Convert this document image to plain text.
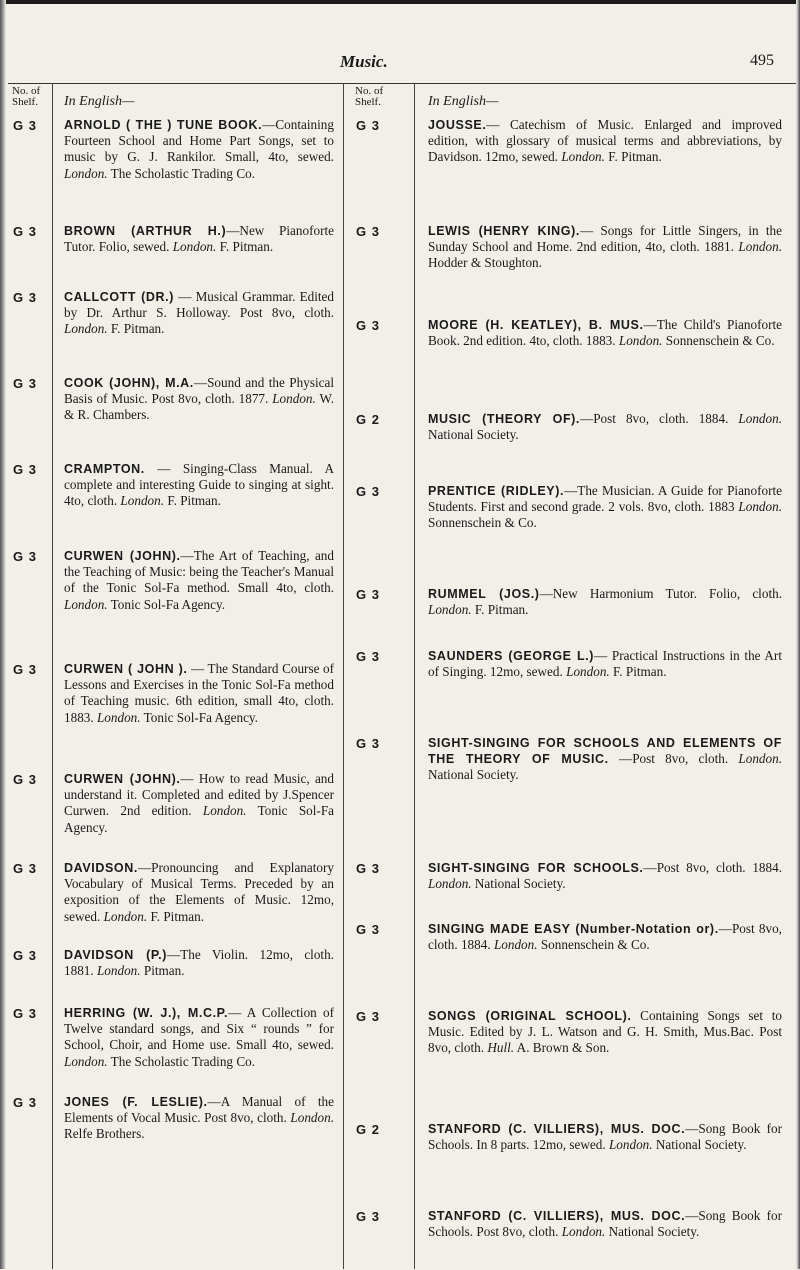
Music.	495
No. of Shelf.
No. of Shelf.
In English—	In English—
G 3 ARNOLD ( THE ) TUNE BOOK.—Containing Fourteen School and Home Part Songs, set to music by G. J. Rankilor. Small, 4to, sewed. London. The Scholastic Trading Co.
G 3 BROWN (ARTHUR H.)—New Pianoforte Tutor. Folio, sewed. London. F. Pitman.
G 3 CALLCOTT (DR.) — Musical Grammar. Edited by Dr. Arthur S. Holloway. Post 8vo, cloth. London. F. Pitman.
G 3 COOK (JOHN), M.A.—Sound and the Physical Basis of Music. Post 8vo, cloth. 1877. London. W. & R. Chambers.
G 3 CRAMPTON. — Singing-Class Manual. A complete and interesting Guide to singing at sight. 4to, cloth. London. F. Pitman.
G 3 CURWEN (JOHN).—The Art of Teaching, and the Teaching of Music: being the Teacher's Manual of the Tonic Sol-Fa method. Small 4to, cloth. London. Tonic Sol-Fa Agency.
G 3 CURWEN ( JOHN ). — The Standard Course of Lessons and Exercises in the Tonic Sol-Fa method of Teaching music. 6th edition, small 4to, cloth. 1883. London. Tonic Sol-Fa Agency.
G 3 CURWEN (JOHN).— How to read Music, and understand it. Completed and edited by J.Spencer Curwen. 2nd edition. London. Tonic Sol-Fa Agency.
G 3 DAVIDSON.—Pronouncing and Explanatory Vocabulary of Musical Terms. Preceded by an exposition of the Elements of Music. 12mo, sewed. London. F. Pitman.
G 3 DAVIDSON (P.)—The Violin. 12mo, cloth. 1881. London. Pitman.
G 3 HERRING (W. J.), M.C.P.— A Collection of Twelve standard songs, and Six “ rounds ” for School, Choir, and Home use. Small 4to, sewed. London. The Scholastic Trading Co.
G 3 JONES (F. LESLIE).—A Manual of the Elements of Vocal Music. Post 8vo, cloth. London. Relfe Brothers.
G 3	JOUSSE.— Catechism of Music. Enlarged and improved edition, with glossary of musical terms and abbreviations, by Davidson. 12mo, sewed. London. F. Pitman.
G 3	LEWIS (HENRY KING).— Songs for Little Singers, in the Sunday School and Home. 2nd edition, 4to, cloth. 1881. London. Hodder & Stoughton.
G 3	MOORE (H. KEATLEY), B. MUS.—The Child's Pianoforte Book. 2nd edition. 4to, cloth. 1883. London. Sonnenschein & Co.
G 2	MUSIC (THEORY OF).—Post 8vo, cloth. 1884. London. National Society.
G 3	PRENTICE (RIDLEY).—The Musician. A Guide for Pianoforte Students. First and second grade. 2 vols. 8vo, cloth. 1883 London. Sonnenschein & Co.
G 3	RUMMEL (JOS.)—New Harmonium Tutor. Folio, cloth. London. F. Pitman.
G 3	SAUNDERS (GEORGE L.)— Practical Instructions in the Art of Singing. 12mo, sewed. London. F. Pitman.
G 3	SIGHT-SINGING FOR SCHOOLS AND ELEMENTS OF THE THEORY OF MUSIC. —Post 8vo, cloth. London. National Society.
G 3	SIGHT-SINGING FOR SCHOOLS.—Post 8vo, cloth. 1884. London. National Society.
G 3	SINGING MADE EASY (Number-Notation or).—Post 8vo, cloth. 1884. London. Sonnenschein & Co.
G 3	SONGS (ORIGINAL SCHOOL). Containing Songs set to Music. Edited by J. L. Watson and G. H. Smith, Mus.Bac. Post 8vo, cloth. Hull. A. Brown & Son.
G 2	STANFORD (C. VILLIERS), MUS. DOC.—Song Book for Schools. In 8 parts. 12mo, sewed. London. National Society.
G 3	STANFORD (C. VILLIERS), MUS. DOC.—Song Book for Schools. Post 8vo, cloth. London. National Society.
